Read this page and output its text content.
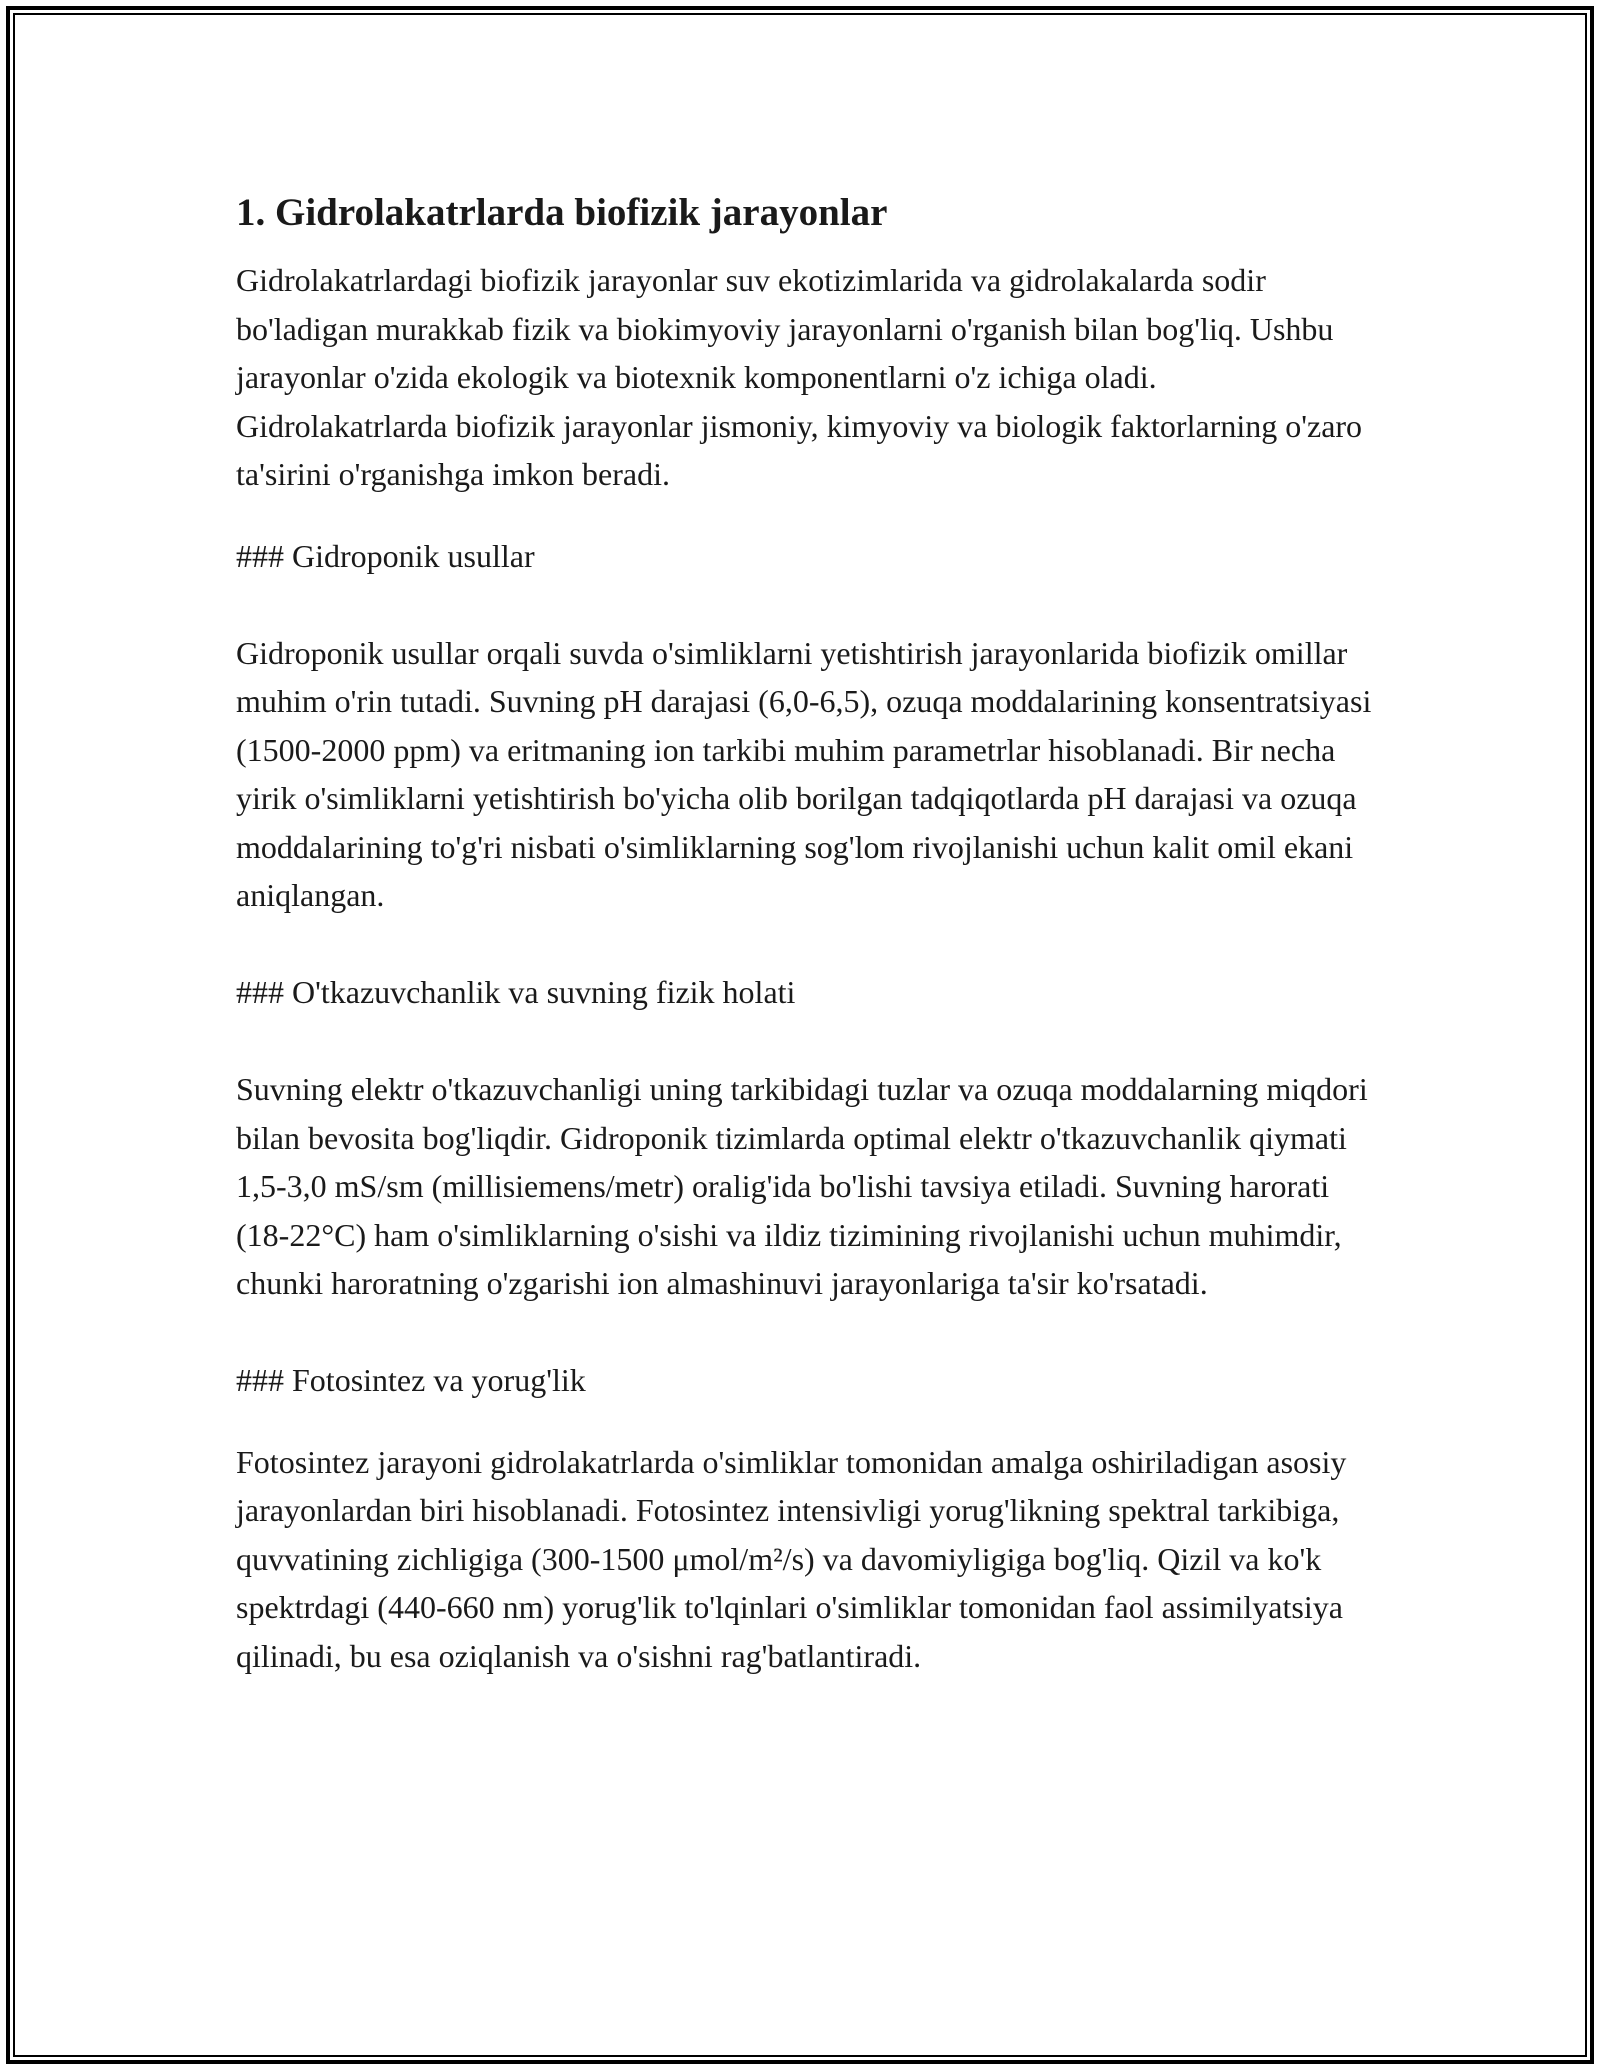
1. Gidrolakatrlarda biofizik jarayonlar

Gidrolakatrlardagi biofizik jarayonlar suv ekotizimlarida va gidrolakalarda sodir bo'ladigan murakkab fizik va biokimyoviy jarayonlarni o'rganish bilan bog'liq. Ushbu jarayonlar o'zida ekologik va biotexnik komponentlarni o'z ichiga oladi. Gidrolakatrlarda biofizik jarayonlar jismoniy, kimyoviy va biologik faktorlarning o'zaro ta'sirini o'rganishga imkon beradi.

### Gidroponik usullar

Gidroponik usullar orqali suvda o'simliklarni yetishtirish jarayonlarida biofizik omillar muhim o'rin tutadi. Suvning pH darajasi (6,0-6,5), ozuqa moddalarining konsentratsiyasi (1500-2000 ppm) va eritmaning ion tarkibi muhim parametrlar hisoblanadi. Bir necha yirik o'simliklarni yetishtirish bo'yicha olib borilgan tadqiqotlarda pH darajasi va ozuqa moddalarining to'g'ri nisbati o'simliklarning sog'lom rivojlanishi uchun kalit omil ekani aniqlangan.

### O'tkazuvchanlik va suvning fizik holati

Suvning elektr o'tkazuvchanligi uning tarkibidagi tuzlar va ozuqa moddalarning miqdori bilan bevosita bog'liqdir. Gidroponik tizimlarda optimal elektr o'tkazuvchanlik qiymati 1,5-3,0 mS/sm (millisiemens/metr) oralig'ida bo'lishi tavsiya etiladi. Suvning harorati (18-22°C) ham o'simliklarning o'sishi va ildiz tizimining rivojlanishi uchun muhimdir, chunki haroratning o'zgarishi ion almashinuvi jarayonlariga ta'sir ko'rsatadi.

### Fotosintez va yorug'lik

Fotosintez jarayoni gidrolakatrlarda o'simliklar tomonidan amalga oshiriladigan asosiy jarayonlardan biri hisoblanadi. Fotosintez intensivligi yorug'likning spektral tarkibiga, quvvatining zichligiga (300-1500 μmol/m²/s) va davomiyligiga bog'liq. Qizil va ko'k spektrdagi (440-660 nm) yorug'lik to'lqinlari o'simliklar tomonidan faol assimilyatsiya qilinadi, bu esa oziqlanish va o'sishni rag'batlantiradi.
